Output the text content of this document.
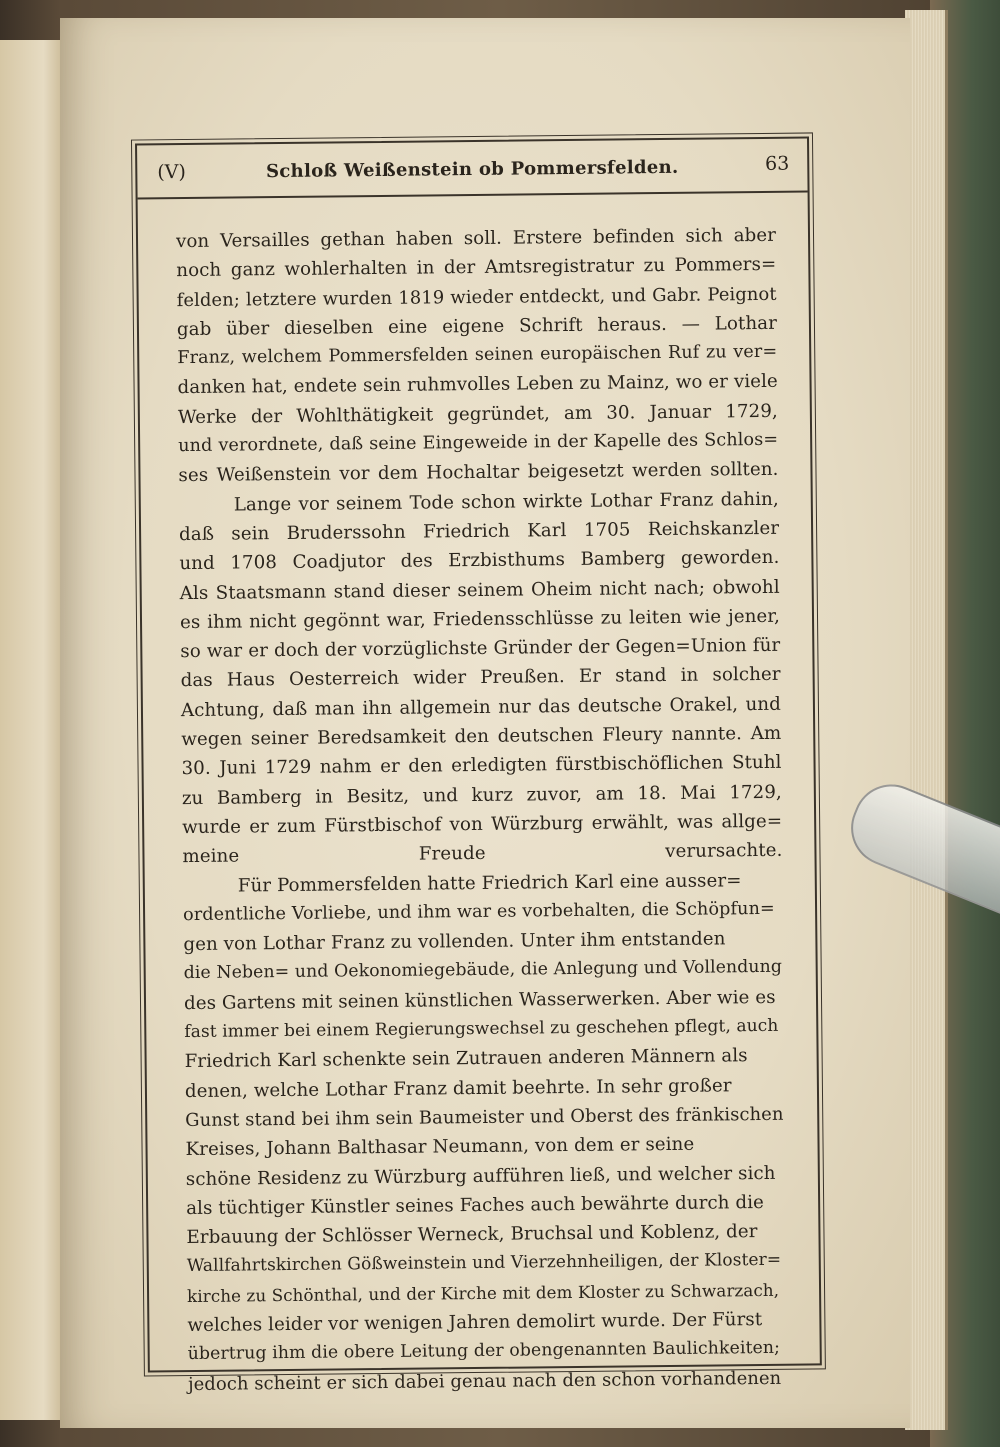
(V)	Schloß Weißenstein ob Pommersfelden.	63

von Versailles gethan haben soll. Erstere befinden sich aber
noch ganz wohlerhalten in der Amtsregistratur zu Pommers=
felden; letztere wurden 1819 wieder entdeckt, und Gabr. Peignot
gab über dieselben eine eigene Schrift heraus. — Lothar
Franz, welchem Pommersfelden seinen europäischen Ruf zu ver=
danken hat, endete sein ruhmvolles Leben zu Mainz, wo er viele
Werke der Wohlthätigkeit gegründet, am 30. Januar 1729,
und verordnete, daß seine Eingeweide in der Kapelle des Schlos=
ses Weißenstein vor dem Hochaltar beigesetzt werden sollten.

Lange vor seinem Tode schon wirkte Lothar Franz dahin,
daß sein Bruderssohn Friedrich Karl 1705 Reichskanzler
und 1708 Coadjutor des Erzbisthums Bamberg geworden.
Als Staatsmann stand dieser seinem Oheim nicht nach; obwohl
es ihm nicht gegönnt war, Friedensschlüsse zu leiten wie jener,
so war er doch der vorzüglichste Gründer der Gegen=Union für
das Haus Oesterreich wider Preußen. Er stand in solcher
Achtung, daß man ihn allgemein nur das deutsche Orakel, und
wegen seiner Beredsamkeit den deutschen Fleury nannte. Am
30. Juni 1729 nahm er den erledigten fürstbischöflichen Stuhl
zu Bamberg in Besitz, und kurz zuvor, am 18. Mai 1729,
wurde er zum Fürstbischof von Würzburg erwählt, was allge=
meine Freude verursachte.

Für Pommersfelden hatte Friedrich Karl eine ausser=
ordentliche Vorliebe, und ihm war es vorbehalten, die Schöpfun=
gen von Lothar Franz zu vollenden. Unter ihm entstanden
die Neben= und Oekonomiegebäude, die Anlegung und Vollendung
des Gartens mit seinen künstlichen Wasserwerken. Aber wie es
fast immer bei einem Regierungswechsel zu geschehen pflegt, auch
Friedrich Karl schenkte sein Zutrauen anderen Männern als
denen, welche Lothar Franz damit beehrte. In sehr großer
Gunst stand bei ihm sein Baumeister und Oberst des fränkischen
Kreises, Johann Balthasar Neumann, von dem er seine
schöne Residenz zu Würzburg aufführen ließ, und welcher sich
als tüchtiger Künstler seines Faches auch bewährte durch die
Erbauung der Schlösser Werneck, Bruchsal und Koblenz, der
Wallfahrtskirchen Gößweinstein und Vierzehnheiligen, der Kloster=
kirche zu Schönthal, und der Kirche mit dem Kloster zu Schwarzach,
welches leider vor wenigen Jahren demolirt wurde. Der Fürst
übertrug ihm die obere Leitung der obengenannten Baulichkeiten;
jedoch scheint er sich dabei genau nach den schon vorhandenen
